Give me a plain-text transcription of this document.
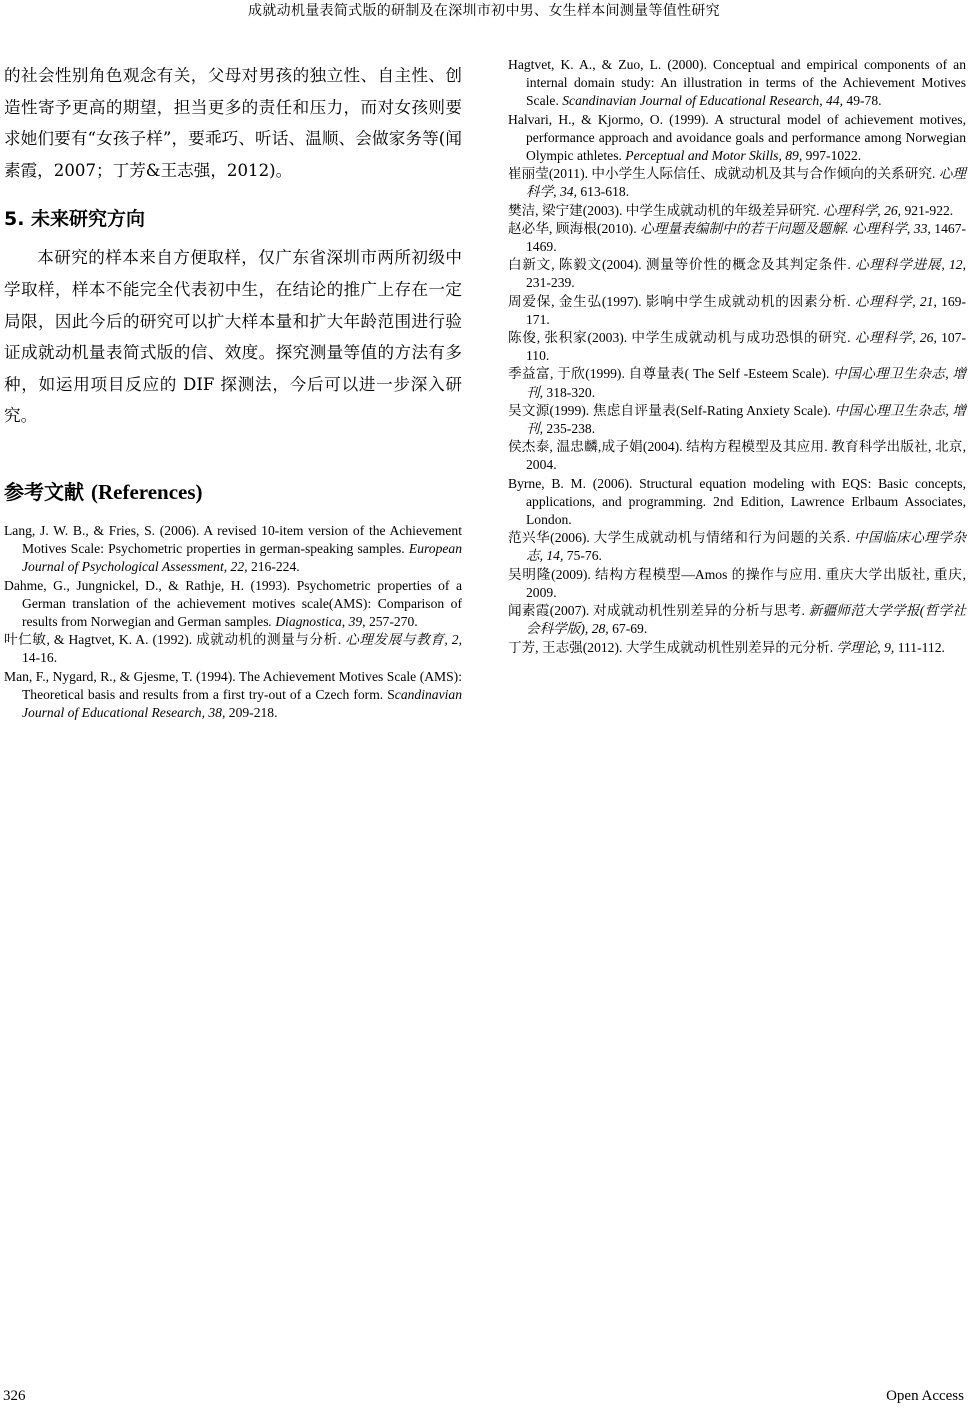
成就动机量表简式版的研制及在深圳市初中男、女生样本间测量等值性研究

的社会性别角色观念有关，父母对男孩的独立性、自主性、创造性寄予更高的期望，担当更多的责任和压力，而对女孩则要求她们要有“女孩子样”，要乖巧、听话、温顺、会做家务等(闻素霞，2007；丁芳&王志强，2012)。

5. 未来研究方向

本研究的样本来自方便取样，仅广东省深圳市两所初级中学取样，样本不能完全代表初中生，在结论的推广上存在一定局限，因此今后的研究可以扩大样本量和扩大年龄范围进行验证成就动机量表简式版的信、效度。探究测量等值的方法有多种，如运用项目反应的 DIF 探测法，今后可以进一步深入研究。

参考文献 (References)

Lang, J. W. B., & Fries, S. (2006). A revised 10-item version of the Achievement Motives Scale: Psychometric properties in german-speaking samples. European Journal of Psychological Assessment, 22, 216-224.

Dahme, G., Jungnickel, D., & Rathje, H. (1993). Psychometric properties of a German translation of the achievement motives scale(AMS): Comparison of results from Norwegian and German samples. Diagnostica, 39, 257-270.

叶仁敏, & Hagtvet, K. A. (1992). 成就动机的测量与分析. 心理发展与教育, 2, 14-16.

Man, F., Nygard, R., & Gjesme, T. (1994). The Achievement Motives Scale (AMS): Theoretical basis and results from a first try-out of a Czech form. Scandinavian Journal of Educational Research, 38, 209-218.

Hagtvet, K. A., & Zuo, L. (2000). Conceptual and empirical components of an internal domain study: An illustration in terms of the Achievement Motives Scale. Scandinavian Journal of Educational Research, 44, 49-78.

Halvari, H., & Kjormo, O. (1999). A structural model of achievement motives, performance approach and avoidance goals and performance among Norwegian Olympic athletes. Perceptual and Motor Skills, 89, 997-1022.

崔丽莹(2011). 中小学生人际信任、成就动机及其与合作倾向的关系研究. 心理科学, 34, 613-618.

樊洁, 梁宁建(2003). 中学生成就动机的年级差异研究. 心理科学, 26, 921-922.

赵必华, 顾海根(2010). 心理量表编制中的若干问题及题解. 心理科学, 33, 1467-1469.

白新文, 陈毅文(2004). 测量等价性的概念及其判定条件. 心理科学进展, 12, 231-239.

周爱保, 金生弘(1997). 影响中学生成就动机的因素分析. 心理科学, 21, 169-171.

陈俊, 张积家(2003). 中学生成就动机与成功恐惧的研究. 心理科学, 26, 107-110.

季益富, 于欣(1999). 自尊量表( The Self -Esteem Scale). 中国心理卫生杂志, 增刊, 318-320.

吴文源(1999). 焦虑自评量表(Self-Rating Anxiety Scale). 中国心理卫生杂志, 增刊, 235-238.

侯杰泰, 温忠麟,成子娟(2004). 结构方程模型及其应用. 教育科学出版社, 北京, 2004.

Byrne, B. M. (2006). Structural equation modeling with EQS: Basic concepts, applications, and programming. 2nd Edition, Lawrence Erlbaum Associates, London.

范兴华(2006). 大学生成就动机与情绪和行为问题的关系. 中国临床心理学杂志, 14, 75-76.

吴明隆(2009). 结构方程模型—Amos 的操作与应用. 重庆大学出版社, 重庆, 2009.

闻素霞(2007). 对成就动机性别差异的分析与思考. 新疆师范大学学报(哲学社会科学版), 28, 67-69.

丁芳, 王志强(2012). 大学生成就动机性别差异的元分析. 学理论, 9, 111-112.

326	Open Access
